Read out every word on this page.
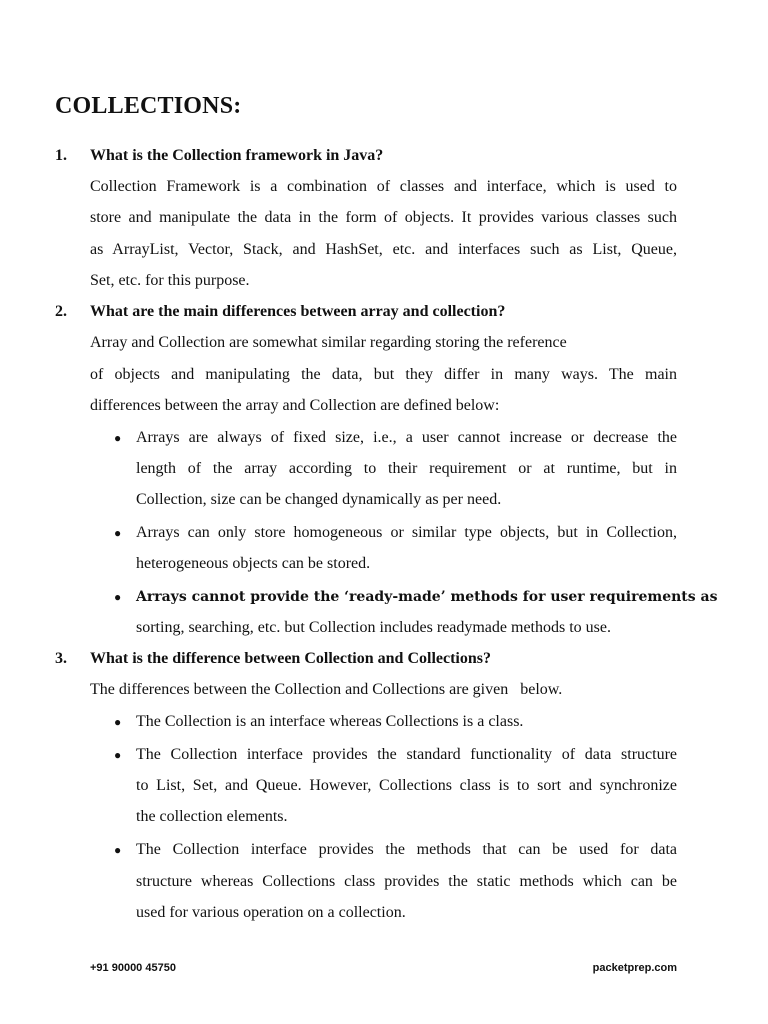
COLLECTIONS:

1. What is the Collection framework in Java?

Collection Framework is a combination of classes and interface, which is used to

store and manipulate the data in the form of objects. It provides various classes such

as ArrayList, Vector, Stack, and HashSet, etc. and interfaces such as List, Queue,

Set, etc. for this purpose.

2. What are the main differences between array and collection?

Array and Collection are somewhat similar regarding storing the reference

of objects and manipulating the data, but they differ in many ways. The main

differences between the array and Collection are defined below:

● Arrays are always of fixed size, i.e., a user cannot increase or decrease the

length of the array according to their requirement or at runtime, but in

Collection, size can be changed dynamically as per need.

● Arrays can only store homogeneous or similar type objects, but in Collection,

heterogeneous objects can be stored.

● Arrays cannot provide the ‘ready-made’ methods for user requirements as

sorting, searching, etc. but Collection includes readymade methods to use.

3. What is the difference between Collection and Collections?

The differences between the Collection and Collections are given   below.

● The Collection is an interface whereas Collections is a class.

● The Collection interface provides the standard functionality of data structure

to List, Set, and Queue. However, Collections class is to sort and synchronize

the collection elements.

● The Collection interface provides the methods that can be used for data

structure whereas Collections class provides the static methods which can be

used for various operation on a collection.

+91 90000 45750	packetprep.com
